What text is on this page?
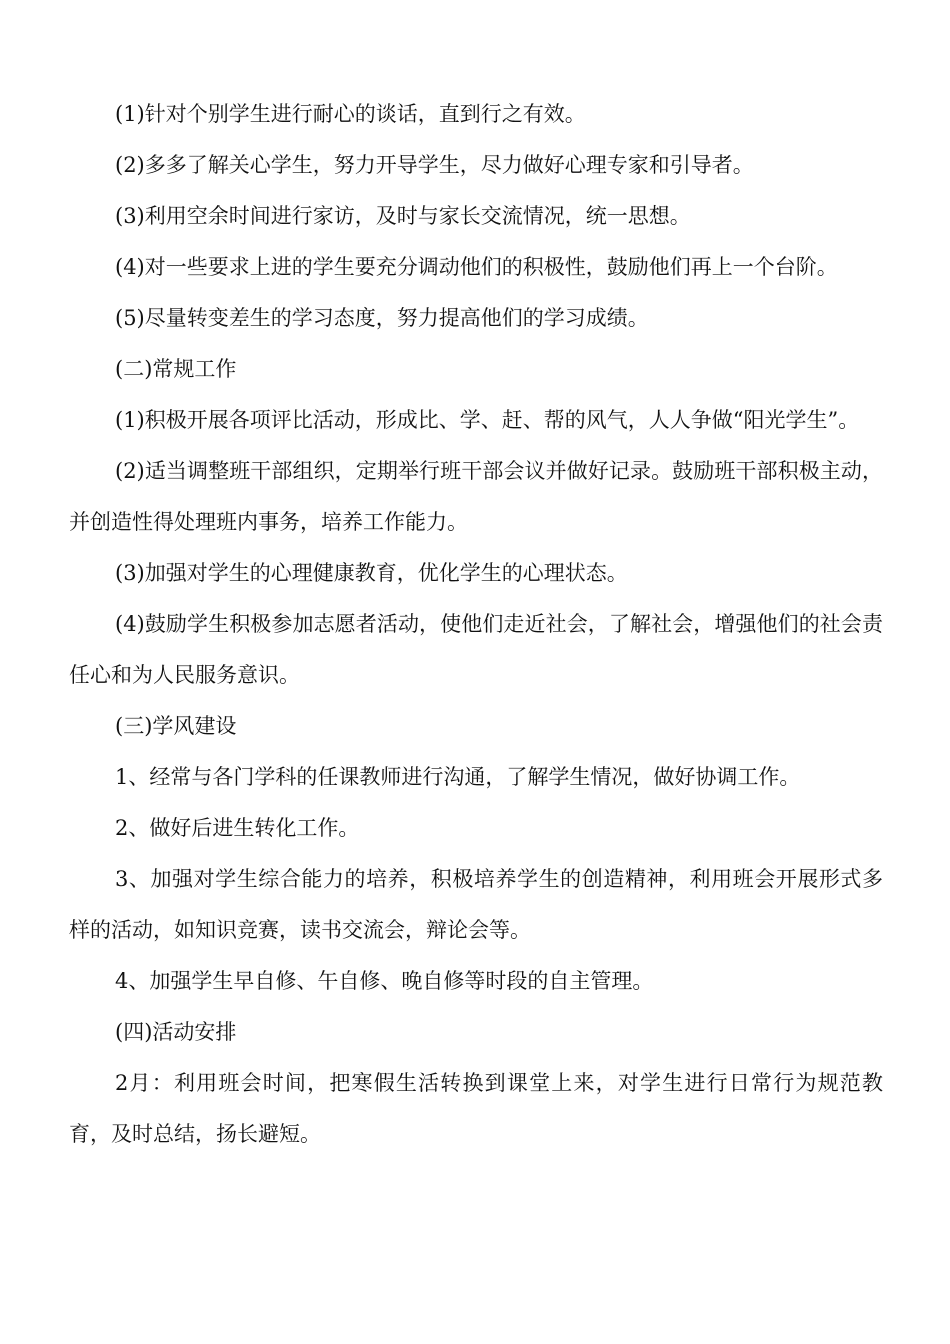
(1)针对个别学生进行耐心的谈话，直到行之有效。

(2)多多了解关心学生，努力开导学生，尽力做好心理专家和引导者。

(3)利用空余时间进行家访，及时与家长交流情况，统一思想。

(4)对一些要求上进的学生要充分调动他们的积极性，鼓励他们再上一个台阶。

(5)尽量转变差生的学习态度，努力提高他们的学习成绩。

(二)常规工作

(1)积极开展各项评比活动，形成比、学、赶、帮的风气，人人争做“阳光学生”。

(2)适当调整班干部组织，定期举行班干部会议并做好记录。鼓励班干部积极主动，并创造性得处理班内事务，培养工作能力。

(3)加强对学生的心理健康教育，优化学生的心理状态。

(4)鼓励学生积极参加志愿者活动，使他们走近社会，了解社会，增强他们的社会责任心和为人民服务意识。

(三)学风建设

1、经常与各门学科的任课教师进行沟通，了解学生情况，做好协调工作。

2、做好后进生转化工作。

3、加强对学生综合能力的培养，积极培养学生的创造精神，利用班会开展形式多样的活动，如知识竞赛，读书交流会，辩论会等。

4、加强学生早自修、午自修、晚自修等时段的自主管理。

(四)活动安排

2月：利用班会时间，把寒假生活转换到课堂上来，对学生进行日常行为规范教育，及时总结，扬长避短。
